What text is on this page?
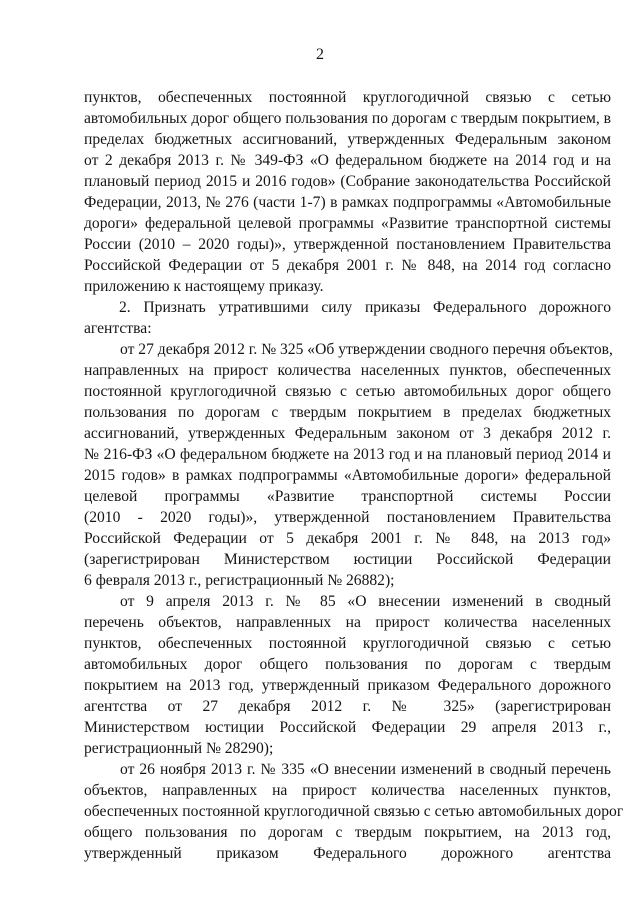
2
пунктов, обеспеченных постоянной круглогодичной связью с сетью
автомобильных дорог общего пользования по дорогам с твердым покрытием, в
пределах бюджетных ассигнований, утвержденных Федеральным законом
от 2 декабря 2013 г. № 349-ФЗ «О федеральном бюджете на 2014 год и на
плановый период 2015 и 2016 годов» (Собрание законодательства Российской
Федерации, 2013, № 276 (части 1-7) в рамках подпрограммы «Автомобильные
дороги» федеральной целевой программы «Развитие транспортной системы
России (2010 – 2020 годы)», утвержденной постановлением Правительства
Российской Федерации от 5 декабря 2001 г. № 848, на 2014 год согласно
приложению к настоящему приказу.
2. Признать утратившими силу приказы Федерального дорожного
агентства:
от 27 декабря 2012 г. № 325 «Об утверждении сводного перечня объектов,
направленных на прирост количества населенных пунктов, обеспеченных
постоянной круглогодичной связью с сетью автомобильных дорог общего
пользования по дорогам с твердым покрытием в пределах бюджетных
ассигнований, утвержденных Федеральным законом от 3 декабря 2012 г.
№ 216-ФЗ «О федеральном бюджете на 2013 год и на плановый период 2014 и
2015 годов» в рамках подпрограммы «Автомобильные дороги» федеральной
целевой программы «Развитие транспортной системы России
(2010 - 2020 годы)», утвержденной постановлением Правительства
Российской Федерации от 5 декабря 2001 г. № 848, на 2013 год»
(зарегистрирован Министерством юстиции Российской Федерации
6 февраля 2013 г., регистрационный № 26882);
от 9 апреля 2013 г. № 85 «О внесении изменений в сводный
перечень объектов, направленных на прирост количества населенных
пунктов, обеспеченных постоянной круглогодичной связью с сетью
автомобильных дорог общего пользования по дорогам с твердым
покрытием на 2013 год, утвержденный приказом Федерального дорожного
агентства от 27 декабря 2012 г. № 325» (зарегистрирован
Министерством юстиции Российской Федерации 29 апреля 2013 г.,
регистрационный № 28290);
от 26 ноября 2013 г. № 335 «О внесении изменений в сводный перечень
объектов, направленных на прирост количества населенных пунктов,
обеспеченных постоянной круглогодичной связью с сетью автомобильных дорог
общего пользования по дорогам с твердым покрытием, на 2013 год,
утвержденный приказом Федерального дорожного агентства
